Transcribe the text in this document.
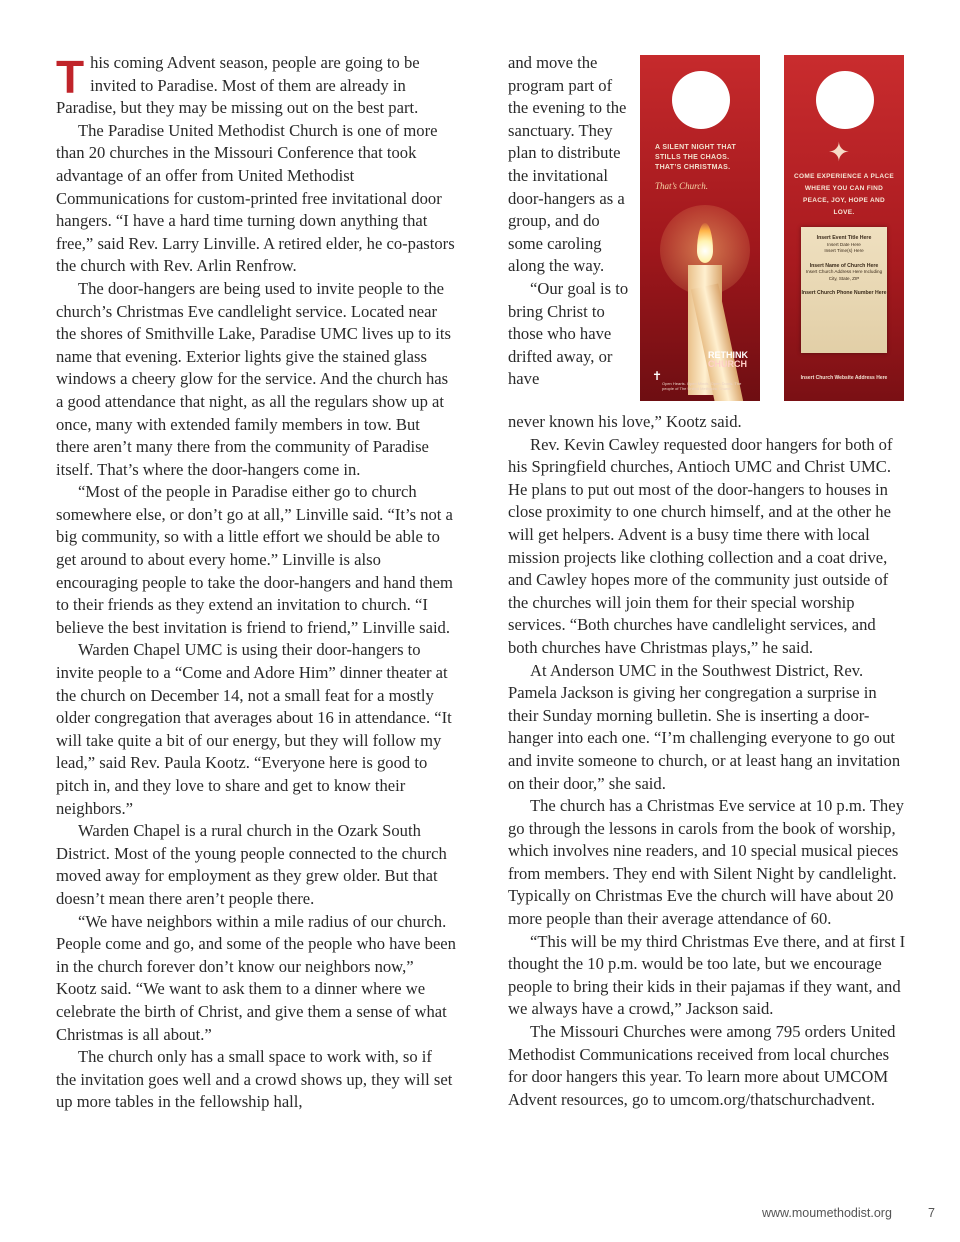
This coming Advent season, people are going to be invited to Paradise. Most of them are already in Paradise, but they may be missing out on the best part.

The Paradise United Methodist Church is one of more than 20 churches in the Missouri Conference that took advantage of an offer from United Methodist Communications for custom-printed free invitational door hangers. “I have a hard time turning down anything that free,” said Rev. Larry Linville. A retired elder, he co-pastors the church with Rev. Arlin Renfrow.

The door-hangers are being used to invite people to the church’s Christmas Eve candlelight service. Located near the shores of Smithville Lake, Paradise UMC lives up to its name that evening. Exterior lights give the stained glass windows a cheery glow for the service. And the church has a good attendance that night, as all the regulars show up at once, many with extended family members in tow. But there aren’t many there from the community of Paradise itself. That’s where the door-hangers come in.

“Most of the people in Paradise either go to church somewhere else, or don’t go at all,” Linville said. “It’s not a big community, so with a little effort we should be able to get around to about every home.” Linville is also encouraging people to take the door-hangers and hand them to their friends as they extend an invitation to church. “I believe the best invitation is friend to friend,” Linville said.

Warden Chapel UMC is using their door-hangers to invite people to a “Come and Adore Him” dinner theater at the church on December 14, not a small feat for a mostly older congregation that averages about 16 in attendance. “It will take quite a bit of our energy, but they will follow my lead,” said Rev. Paula Kootz. “Everyone here is good to pitch in, and they love to share and get to know their neighbors.”

Warden Chapel is a rural church in the Ozark South District. Most of the young people connected to the church moved away for employment as they grew older. But that doesn’t mean there aren’t people there.

“We have neighbors within a mile radius of our church. People come and go, and some of the people who have been in the church forever don’t know our neighbors now,” Kootz said. “We want to ask them to a dinner where we celebrate the birth of Christ, and give them a sense of what Christmas is all about.”

The church only has a small space to work with, so if the invitation goes well and a crowd shows up, they will set up more tables in the fellowship hall,

and move the program part of the evening to the sanctuary. They plan to distribute the invitational door-hangers as a group, and do some caroling along the way.

“Our goal is to bring Christ to those who have drifted away, or have

A SILENT NIGHT THAT STILLS THE CHAOS. THAT’S CHRISTMAS.
That’s Church.
RETHINK
CHURCH
✝
Open Hearts. Open Minds. Open Doors. The people of The United Methodist Church
✦
COME EXPERIENCE A PLACE WHERE YOU CAN FIND PEACE, JOY, HOPE AND LOVE.
Insert Event Title Here
Insert Date Here
Insert Time(s) Here
Insert Name of Church Here
Insert Church Address Here Including City, State, ZIP
Insert Church Phone Number Here
Insert Church Website Address Here

never known his love,” Kootz said.

Rev. Kevin Cawley requested door hangers for both of his Springfield churches, Antioch UMC and Christ UMC. He plans to put out most of the door-hangers to houses in close proximity to one church himself, and at the other he will get helpers. Advent is a busy time there with local mission projects like clothing collection and a coat drive, and Cawley hopes more of the community just outside of the churches will join them for their special worship services. “Both churches have candlelight services, and both churches have Christmas plays,” he said.

At Anderson UMC in the Southwest District, Rev. Pamela Jackson is giving her congregation a surprise in their Sunday morning bulletin. She is inserting a door-hanger into each one. “I’m challenging everyone to go out and invite someone to church, or at least hang an invitation on their door,” she said.

The church has a Christmas Eve service at 10 p.m. They go through the lessons in carols from the book of worship, which involves nine readers, and 10 special musical pieces from members. They end with Silent Night by candlelight. Typically on Christmas Eve the church will have about 20 more people than their average attendance of 60.

“This will be my third Christmas Eve there, and at first I thought the 10 p.m. would be too late, but we encourage people to bring their kids in their pajamas if they want, and we always have a crowd,” Jackson said.

The Missouri Churches were among 795 orders United Methodist Communications received from local churches for door hangers this year. To learn more about UMCOM Advent resources, go to umcom.org/thatschurchadvent.

www.moumethodist.org	7
